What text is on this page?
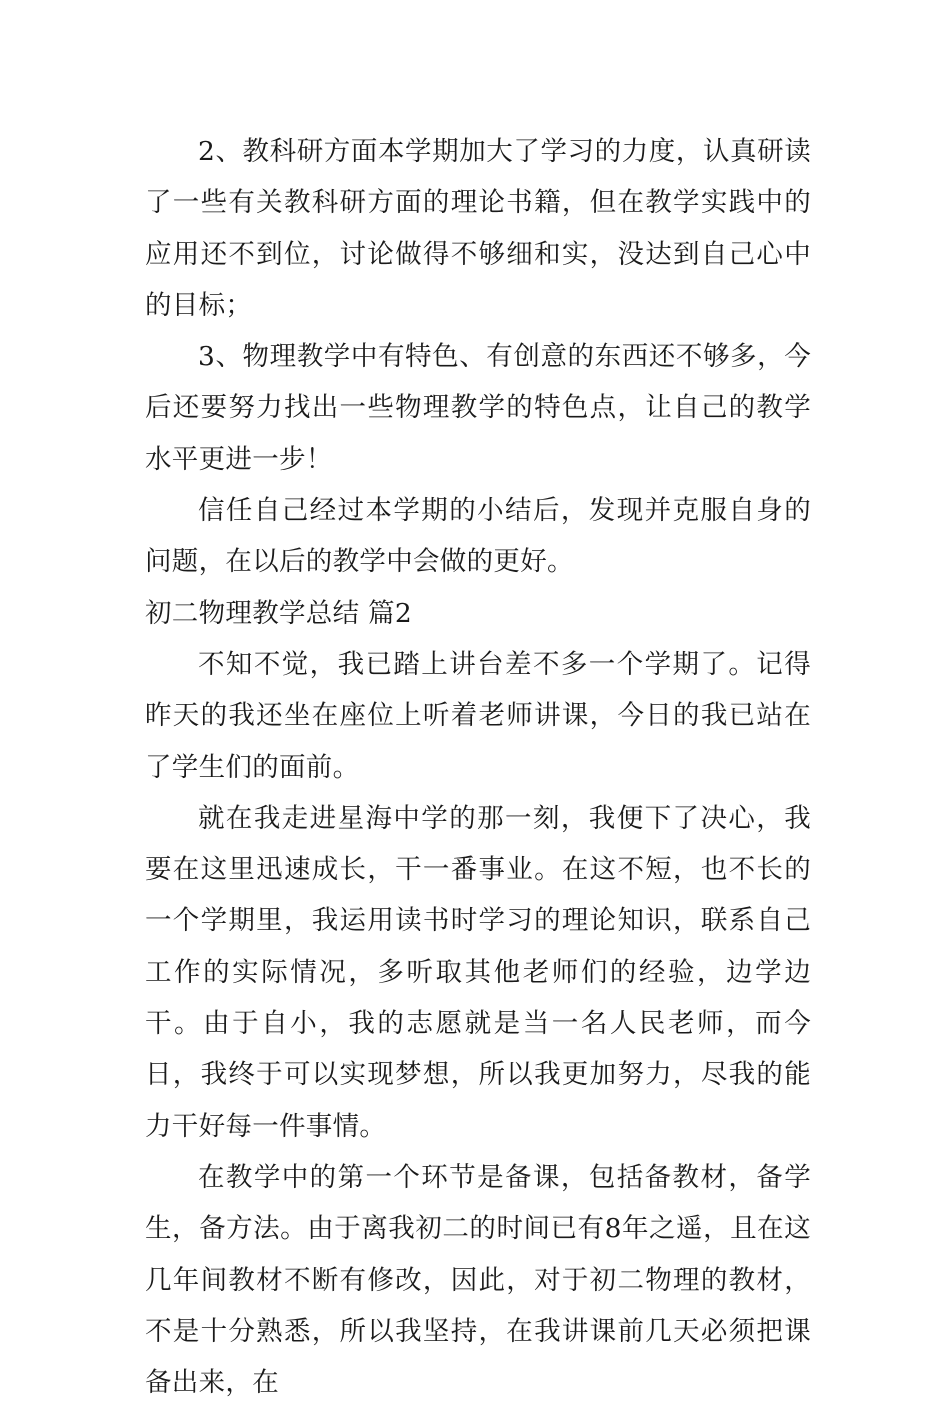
2、教科研方面本学期加大了学习的力度，认真研读了一些有关教科研方面的理论书籍，但在教学实践中的应用还不到位，讨论做得不够细和实，没达到自己心中的目标；

3、物理教学中有特色、有创意的东西还不够多，今后还要努力找出一些物理教学的特色点，让自己的教学水平更进一步！

信任自己经过本学期的小结后，发现并克服自身的问题，在以后的教学中会做的更好。

初二物理教学总结 篇2

不知不觉，我已踏上讲台差不多一个学期了。记得昨天的我还坐在座位上听着老师讲课，今日的我已站在了学生们的面前。

就在我走进星海中学的那一刻，我便下了决心，我要在这里迅速成长，干一番事业。在这不短，也不长的一个学期里，我运用读书时学习的理论知识，联系自己工作的实际情况，多听取其他老师们的经验，边学边干。由于自小，我的志愿就是当一名人民老师，而今日，我终于可以实现梦想，所以我更加努力，尽我的能力干好每一件事情。

在教学中的第一个环节是备课，包括备教材，备学生，备方法。由于离我初二的时间已有8年之遥，且在这几年间教材不断有修改，因此，对于初二物理的教材，不是十分熟悉，所以我坚持，在我讲课前几天必须把课备出来，在
